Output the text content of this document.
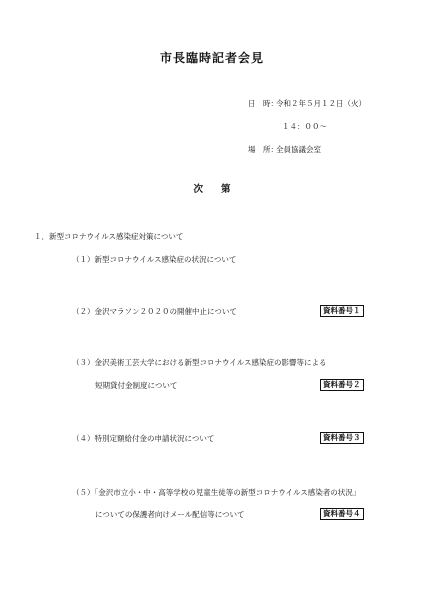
市長臨時記者会見
日　時：令和２年５月１２日（火）
１４：００～
場　所：全員協議会室
次第
１．新型コロナウイルス感染症対策について
（１）新型コロナウイルス感染症の状況について
（２）金沢マラソン２０２０の開催中止について	資料番号１
（３）金沢美術工芸大学における新型コロナウイルス感染症の影響等による
短期貸付金制度について	資料番号２
（４）特別定額給付金の申請状況について	資料番号３
（５）「金沢市立小・中・高等学校の児童生徒等の新型コロナウイルス感染者の状況」
についての保護者向けメール配信等について	資料番号４
